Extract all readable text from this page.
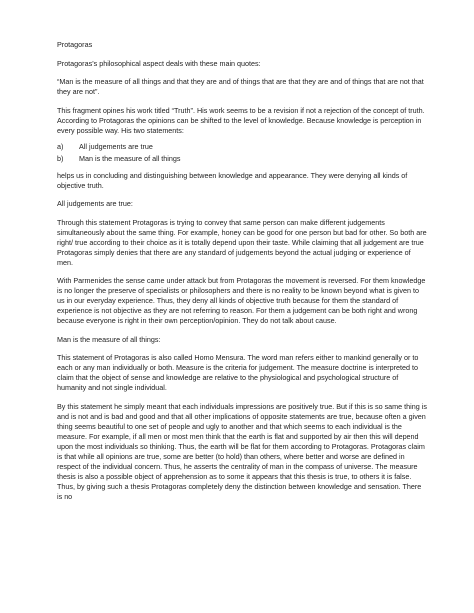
Protagoras

Protagoras’s philosophical aspect deals with these main quotes:

“Man is the measure of all things and that they are and of things that are that they are and of things that are not that they are not”.

This fragment opines his work titled “Truth”. His work seems to be a revision if not a rejection of the concept of truth. According to Protagoras the opinions can be shifted to the level of knowledge. Because knowledge is perception in every possible way. His two statements:

a) All judgements are true
b) Man is the measure of all things

helps us in concluding and distinguishing between knowledge and appearance. They were denying all kinds of objective truth.

All judgements are true:

Through this statement Protagoras is trying to convey that same person can make different judgements simultaneously about the same thing. For example, honey can be good for one person but bad for other. So both are right/ true according to their choice as it is totally depend upon their taste. While claiming that all judgement are true Protagoras simply denies that there are any standard of judgements beyond the actual judging or experience of men.

With Parmenides the sense came under attack but from Protagoras the movement is reversed. For them knowledge is no longer the preserve of specialists or philosophers and there is no reality to be known beyond what is given to us in our everyday experience. Thus, they deny all kinds of objective truth because for them the standard of experience is not objective as they are not referring to reason. For them a judgement can be both right and wrong because everyone is right in their own perception/opinion. They do not talk about cause.

Man is the measure of all things:

This statement of Protagoras is also called Homo Mensura. The word man refers either to mankind generally or to each or any man individually or both. Measure is the criteria for judgement. The measure doctrine is interpreted to claim that the object of sense and knowledge are relative to the physiological and psychological structure of humanity and not single individual.

By this statement he simply meant that each individuals impressions are positively true. But if this is so same thing is and is not and is bad and good and that all other implications of opposite statements are true, because often a given thing seems beautiful to one set of people and ugly to another and that which seems to each individual is the measure. For example, if all men or most men think that the earth is flat and supported by air then this will depend upon the most individuals so thinking. Thus, the earth will be flat for them according to Protagoras. Protagoras claim is that while all opinions are true, some are better (to hold) than others, where better and worse are defined in respect of the individual concern. Thus, he asserts the centrality of man in the compass of universe. The measure thesis is also a possible object of apprehension as to some it appears that this thesis is true, to others it is false. Thus, by giving such a thesis Protagoras completely deny the distinction between knowledge and sensation. There is no
